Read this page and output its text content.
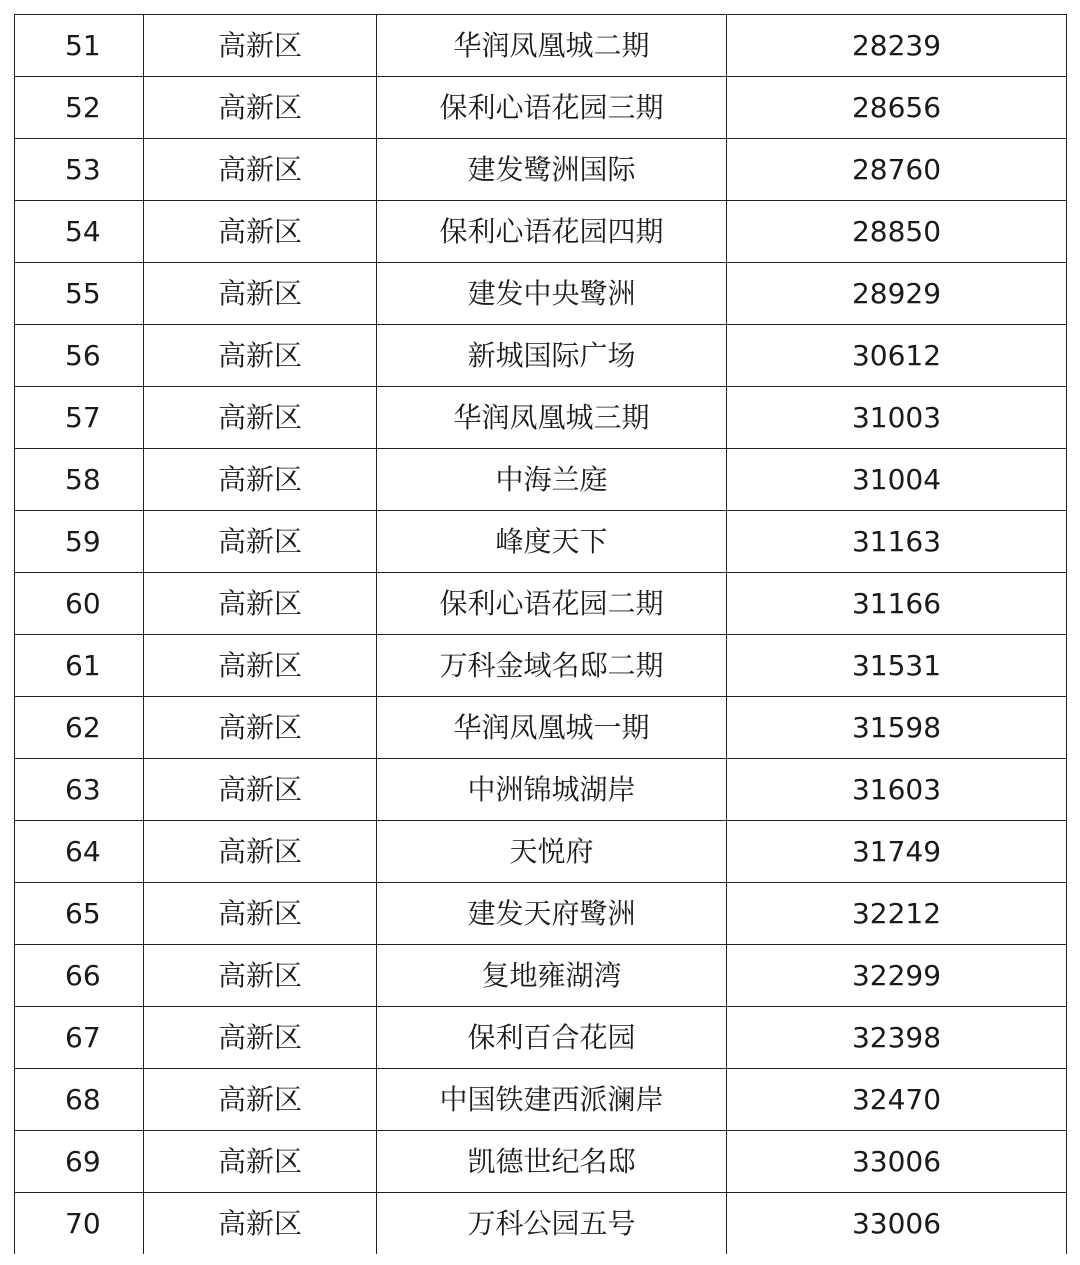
51	高新区	华润凤凰城二期	28239
52	高新区	保利心语花园三期	28656
53	高新区	建发鹭洲国际	28760
54	高新区	保利心语花园四期	28850
55	高新区	建发中央鹭洲	28929
56	高新区	新城国际广场	30612
57	高新区	华润凤凰城三期	31003
58	高新区	中海兰庭	31004
59	高新区	峰度天下	31163
60	高新区	保利心语花园二期	31166
61	高新区	万科金域名邸二期	31531
62	高新区	华润凤凰城一期	31598
63	高新区	中洲锦城湖岸	31603
64	高新区	天悦府	31749
65	高新区	建发天府鹭洲	32212
66	高新区	复地雍湖湾	32299
67	高新区	保利百合花园	32398
68	高新区	中国铁建西派澜岸	32470
69	高新区	凯德世纪名邸	33006
70	高新区	万科公园五号	33006
